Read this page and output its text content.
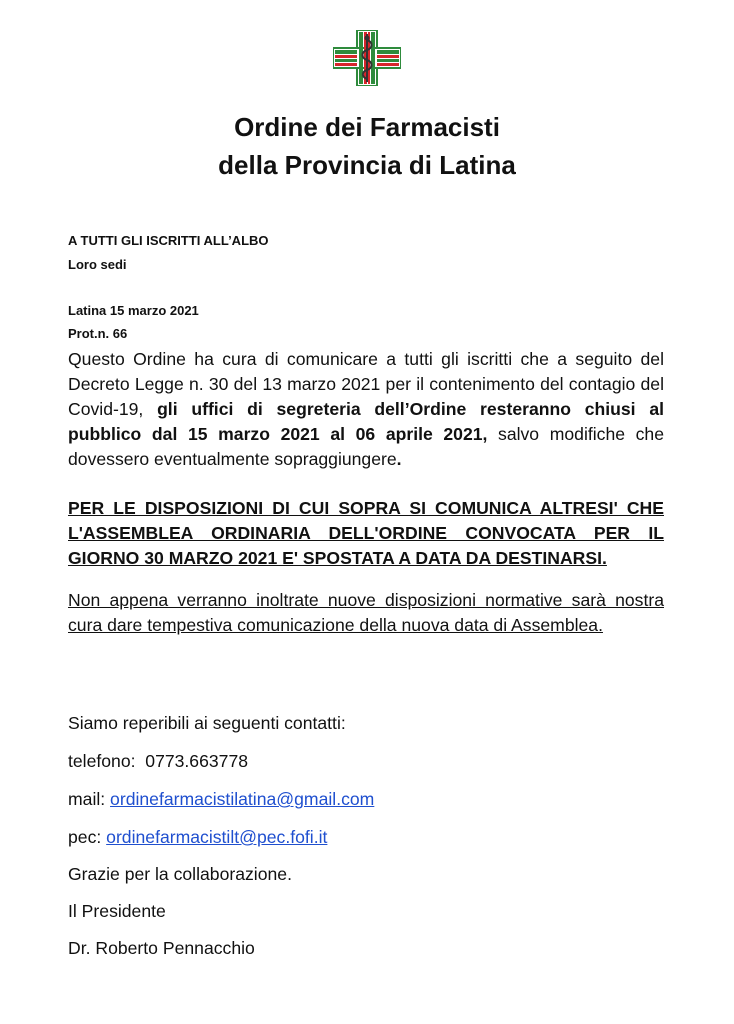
Ordine dei Farmacisti
della Provincia di Latina
A TUTTI GLI ISCRITTI ALL’ALBO
Loro sedi
Latina 15 marzo 2021
Prot.n. 66
Questo Ordine ha cura di comunicare a tutti gli iscritti che a seguito del Decreto Legge n. 30 del 13 marzo 2021 per il contenimento del contagio del Covid-19, gli uffici di segreteria dell’Ordine resteranno chiusi al pubblico dal 15 marzo 2021 al 06 aprile 2021, salvo modifiche che dovessero eventualmente sopraggiungere.
PER LE DISPOSIZIONI DI CUI SOPRA SI COMUNICA ALTRESI' CHE L'ASSEMBLEA ORDINARIA DELL'ORDINE CONVOCATA PER IL GIORNO 30 MARZO 2021 E' SPOSTATA A DATA DA DESTINARSI.
Non appena verranno inoltrate nuove disposizioni normative sarà nostra cura dare tempestiva comunicazione della nuova data di Assemblea.
Siamo reperibili ai seguenti contatti:
telefono:  0773.663778
mail: ordinefarmacistilatina@gmail.com
pec: ordinefarmacistilt@pec.fofi.it
Grazie per la collaborazione.
Il Presidente
Dr. Roberto Pennacchio
